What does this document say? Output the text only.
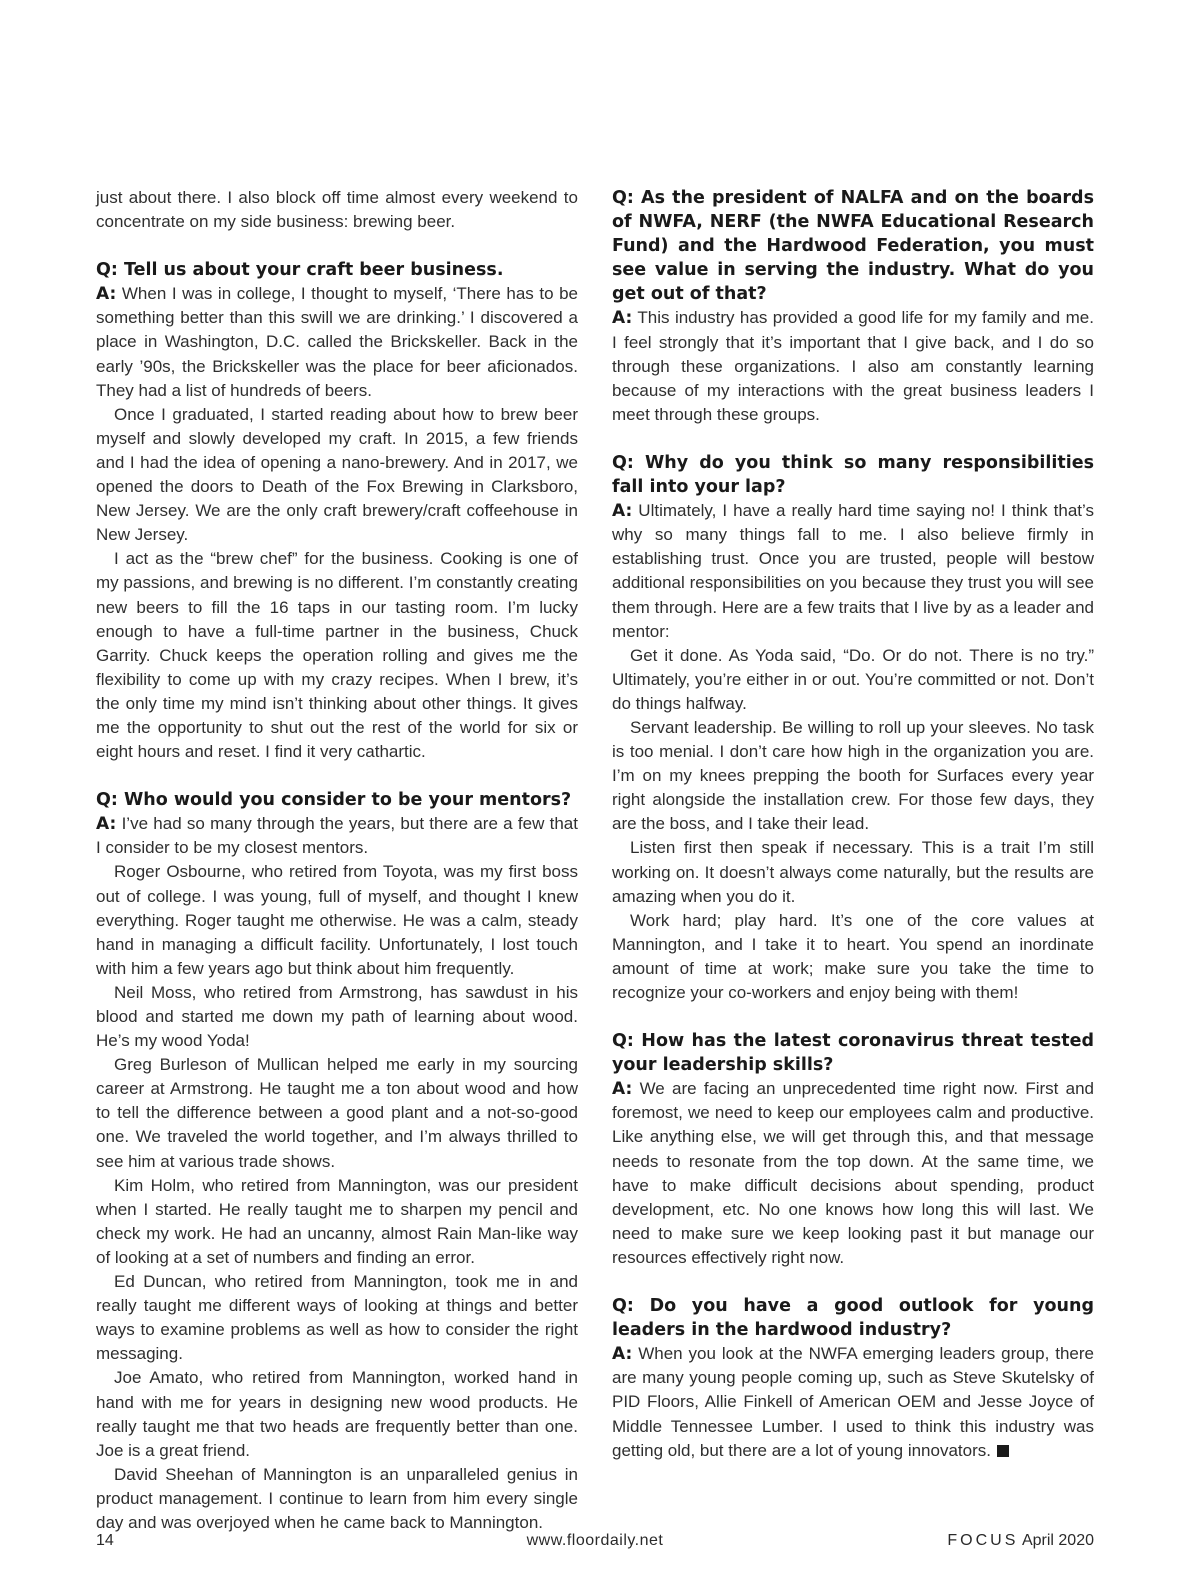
just about there. I also block off time almost every weekend to concentrate on my side business: brewing beer.

Q: Tell us about your craft beer business.

A: When I was in college, I thought to myself, ‘There has to be something better than this swill we are drinking.’ I discovered a place in Washington, D.C. called the Brickskeller. Back in the early ’90s, the Brickskeller was the place for beer aficionados. They had a list of hundreds of beers.

Once I graduated, I started reading about how to brew beer myself and slowly developed my craft. In 2015, a few friends and I had the idea of opening a nano-brewery. And in 2017, we opened the doors to Death of the Fox Brewing in Clarksboro, New Jersey. We are the only craft brewery/craft coffeehouse in New Jersey.

I act as the “brew chef” for the business. Cooking is one of my passions, and brewing is no different. I’m constantly creating new beers to fill the 16 taps in our tasting room. I’m lucky enough to have a full-time partner in the business, Chuck Garrity. Chuck keeps the operation rolling and gives me the flexibility to come up with my crazy recipes. When I brew, it’s the only time my mind isn’t thinking about other things. It gives me the opportunity to shut out the rest of the world for six or eight hours and reset. I find it very cathartic.

Q: Who would you consider to be your mentors?

A: I’ve had so many through the years, but there are a few that I consider to be my closest mentors.

Roger Osbourne, who retired from Toyota, was my first boss out of college. I was young, full of myself, and thought I knew everything. Roger taught me otherwise. He was a calm, steady hand in managing a difficult facility. Unfortunately, I lost touch with him a few years ago but think about him frequently.

Neil Moss, who retired from Armstrong, has sawdust in his blood and started me down my path of learning about wood. He’s my wood Yoda!

Greg Burleson of Mullican helped me early in my sourcing career at Armstrong. He taught me a ton about wood and how to tell the difference between a good plant and a not-so-good one. We traveled the world together, and I’m always thrilled to see him at various trade shows.

Kim Holm, who retired from Mannington, was our president when I started. He really taught me to sharpen my pencil and check my work. He had an uncanny, almost Rain Man-like way of looking at a set of numbers and finding an error.

Ed Duncan, who retired from Mannington, took me in and really taught me different ways of looking at things and better ways to examine problems as well as how to consider the right messaging.

Joe Amato, who retired from Mannington, worked hand in hand with me for years in designing new wood products. He really taught me that two heads are frequently better than one. Joe is a great friend.

David Sheehan of Mannington is an unparalleled genius in product management. I continue to learn from him every single day and was overjoyed when he came back to Mannington.

Q: As the president of NALFA and on the boards of NWFA, NERF (the NWFA Educational Research Fund) and the Hardwood Federation, you must see value in serving the industry. What do you get out of that?

A: This industry has provided a good life for my family and me. I feel strongly that it’s important that I give back, and I do so through these organizations. I also am constantly learning because of my interactions with the great business leaders I meet through these groups.

Q: Why do you think so many responsibilities fall into your lap?

A: Ultimately, I have a really hard time saying no! I think that’s why so many things fall to me. I also believe firmly in establishing trust. Once you are trusted, people will bestow additional responsibilities on you because they trust you will see them through. Here are a few traits that I live by as a leader and mentor:

Get it done. As Yoda said, “Do. Or do not. There is no try.” Ultimately, you’re either in or out. You’re committed or not. Don’t do things halfway.

Servant leadership. Be willing to roll up your sleeves. No task is too menial. I don’t care how high in the organization you are. I’m on my knees prepping the booth for Surfaces every year right alongside the installation crew. For those few days, they are the boss, and I take their lead.

Listen first then speak if necessary. This is a trait I’m still working on. It doesn’t always come naturally, but the results are amazing when you do it.

Work hard; play hard. It’s one of the core values at Mannington, and I take it to heart. You spend an inordinate amount of time at work; make sure you take the time to recognize your co-workers and enjoy being with them!

Q: How has the latest coronavirus threat tested your leadership skills?

A: We are facing an unprecedented time right now. First and foremost, we need to keep our employees calm and productive. Like anything else, we will get through this, and that message needs to resonate from the top down. At the same time, we have to make difficult decisions about spending, product development, etc. No one knows how long this will last. We need to make sure we keep looking past it but manage our resources effectively right now.

Q: Do you have a good outlook for young leaders in the hardwood industry?

A: When you look at the NWFA emerging leaders group, there are many young people coming up, such as Steve Skutelsky of PID Floors, Allie Finkell of American OEM and Jesse Joyce of Middle Tennessee Lumber. I used to think this industry was getting old, but there are a lot of young innovators.

14	www.floordaily.net	FOCUS April 2020
